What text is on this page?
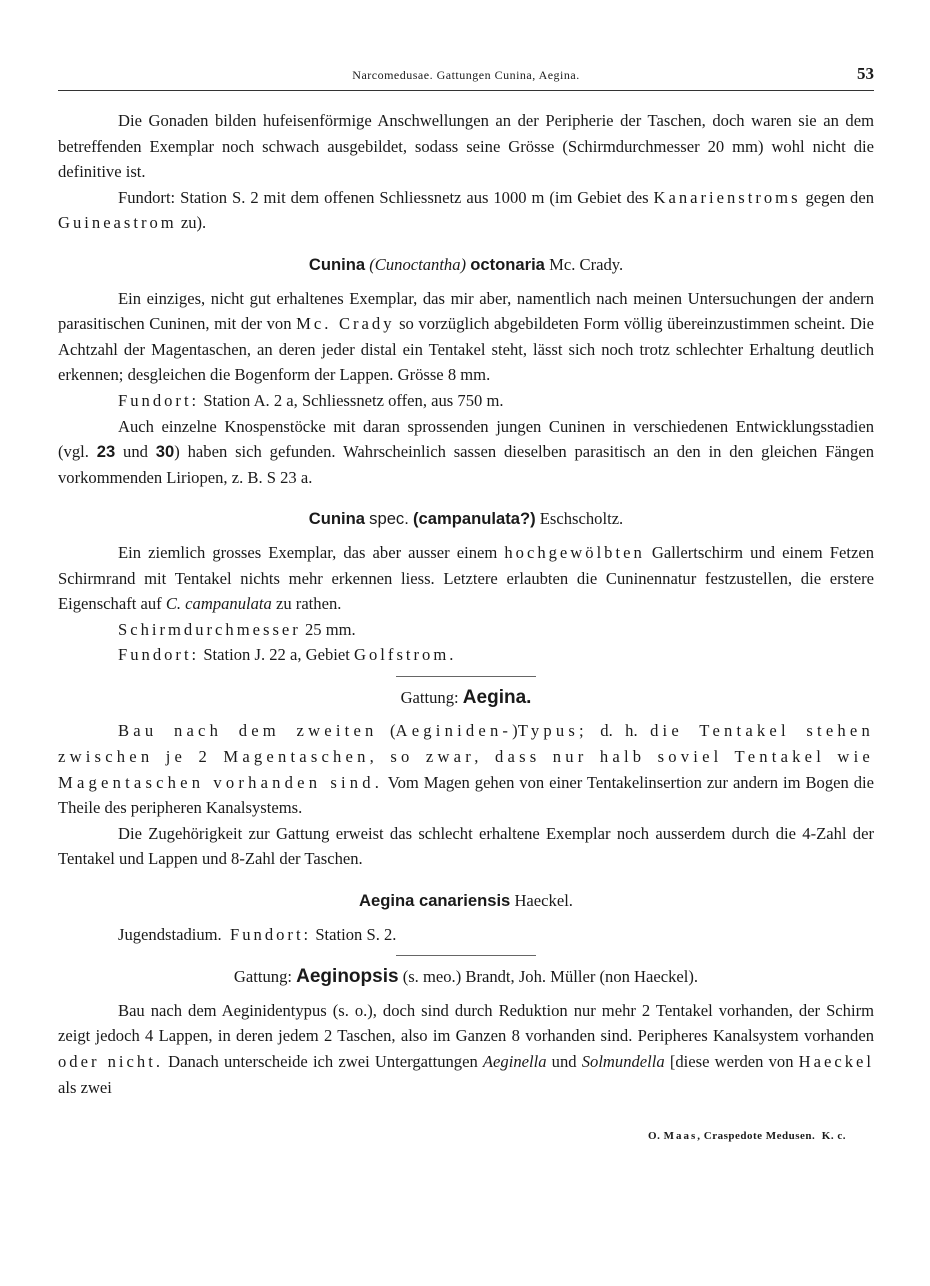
Narcomedusae. Gattungen Cunina, Aegina.	53

Die Gonaden bilden hufeisenförmige Anschwellungen an der Peripherie der Taschen, doch waren sie an dem betreffenden Exemplar noch schwach ausgebildet, sodass seine Grösse (Schirmdurchmesser 20 mm) wohl nicht die definitive ist.

Fundort: Station S. 2 mit dem offenen Schliessnetz aus 1000 m (im Gebiet des Kanarienstroms gegen den Guineastrom zu).

Cunina (Cunoctantha) octonaria Mc. Crady.

Ein einziges, nicht gut erhaltenes Exemplar, das mir aber, namentlich nach meinen Untersuchungen der andern parasitischen Cuninen, mit der von Mc. Crady so vorzüglich abgebildeten Form völlig übereinzustimmen scheint. Die Achtzahl der Magentaschen, an deren jeder distal ein Tentakel steht, lässt sich noch trotz schlechter Erhaltung deutlich erkennen; desgleichen die Bogenform der Lappen. Grösse 8 mm.

Fundort: Station A. 2 a, Schliessnetz offen, aus 750 m.

Auch einzelne Knospenstöcke mit daran sprossenden jungen Cuninen in verschiedenen Entwicklungsstadien (vgl. 23 und 30) haben sich gefunden. Wahrscheinlich sassen dieselben parasitisch an den in den gleichen Fängen vorkommenden Liriopen, z. B. S 23 a.

Cunina spec. (campanulata?) Eschscholtz.

Ein ziemlich grosses Exemplar, das aber ausser einem hochgewölbten Gallertschirm und einem Fetzen Schirmrand mit Tentakel nichts mehr erkennen liess. Letztere erlaubten die Cuninennatur festzustellen, die erstere Eigenschaft auf C. campanulata zu rathen.

Schirmdurchmesser 25 mm.

Fundort: Station J. 22 a, Gebiet Golfstrom.

Gattung: Aegina.

Bau nach dem zweiten (Aeginiden-)Typus; d. h. die Tentakel stehen zwischen je 2 Magentaschen, so zwar, dass nur halb soviel Tentakel wie Magentaschen vorhanden sind. Vom Magen gehen von einer Tentakelinsertion zur andern im Bogen die Theile des peripheren Kanalsystems.

Die Zugehörigkeit zur Gattung erweist das schlecht erhaltene Exemplar noch ausserdem durch die 4-Zahl der Tentakel und Lappen und 8-Zahl der Taschen.

Aegina canariensis Haeckel.

Jugendstadium.  Fundort: Station S. 2.

Gattung: Aeginopsis (s. meo.) Brandt, Joh. Müller (non Haeckel).

Bau nach dem Aeginidentypus (s. o.), doch sind durch Reduktion nur mehr 2 Tentakel vorhanden, der Schirm zeigt jedoch 4 Lappen, in deren jedem 2 Taschen, also im Ganzen 8 vorhanden sind. Peripheres Kanalsystem vorhanden oder nicht. Danach unterscheide ich zwei Untergattungen Aeginella und Solmundella [diese werden von Haeckel als zwei

O. Maas, Craspedote Medusen.  K. c.
